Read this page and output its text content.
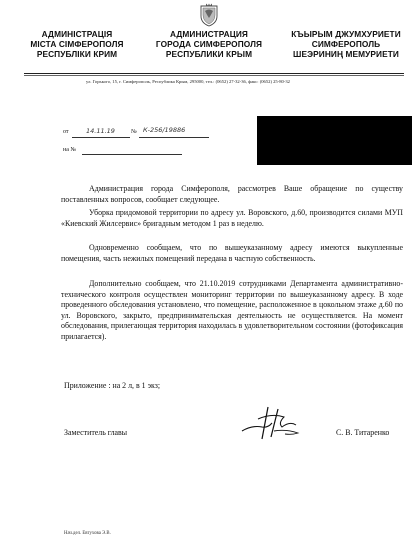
АДМИНІСТРАЦІЯ
МІСТА СІМФЕРОПОЛЯ
РЕСПУБЛІКИ КРИМ
АДМИНИСТРАЦИЯ
ГОРОДА СИМФЕРОПОЛЯ
РЕСПУБЛИКИ КРЫМ
КЪЫРЫМ ДЖУМХУРИЕТИ
СИМФЕРОПОЛЬ
ШЕЭРИНИҢ МЕМУРИЕТИ
ул. Горького, 15, г. Симферополь, Республика Крым, 295000, тел.: (0652) 27-32-36, факс: (0652) 25-80-32
от	14.11.19	№ К-256/19886
на №
Администрация города Симферополя, рассмотрев Ваше обращение по существу поставленных вопросов, сообщает следующее.
Уборка придомовой территории по адресу ул. Воровского, д.60, производится силами МУП «Киевский Жилсервис» бригадным методом 1 раз в неделю.
Одновременно сообщаем, что по вышеуказанному адресу имеются выкупленные помещения, часть нежилых помещений передана в частную собственность.
Дополнительно сообщаем, что 21.10.2019 сотрудниками Департамента административно-технического контроля осуществлен мониторинг территории по вышеуказанному адресу. В ходе проведенного обследования установлено, что помещение, расположенное в цокольном этаже д.60 по ул. Воровского, закрыто, предпринимательская деятельность не осуществляется. На момент обследования, прилегающая территория находилась в удовлетворительном состоянии (фотофиксация прилагается).
Приложение : на 2 л, в 1 экз;
Заместитель главы	С. В. Титаренко
Нач.дел. Евтухова Э.В.
